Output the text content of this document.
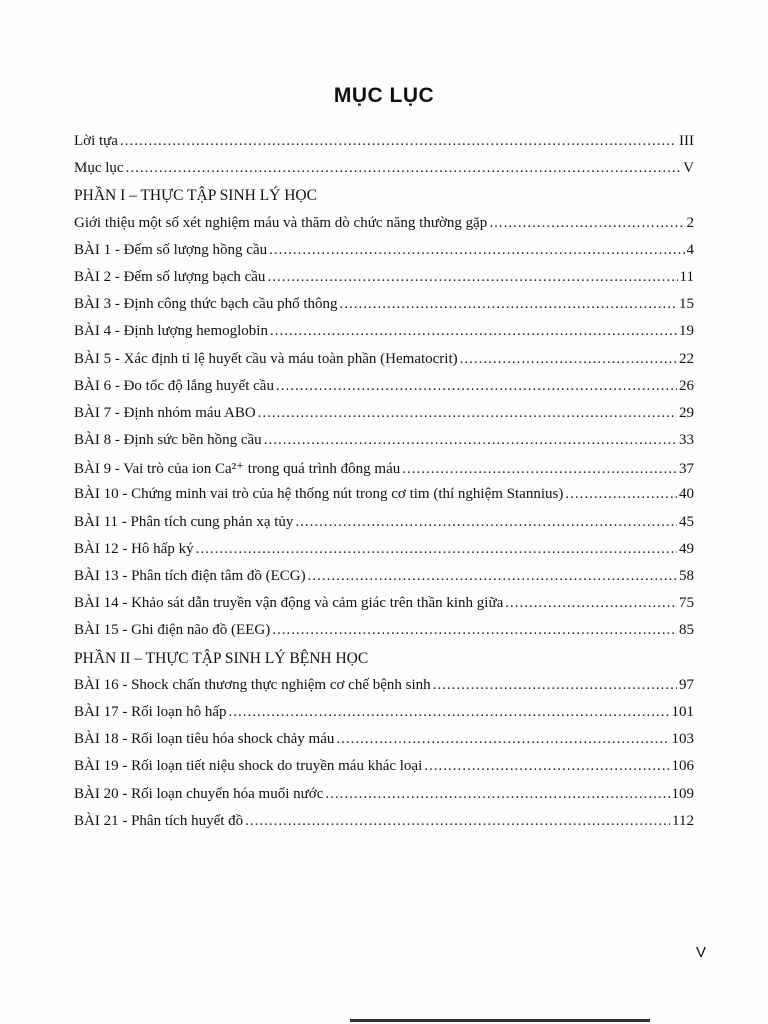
MỤC LỤC
Lời tựa .....	III
Mục lục .....	V
PHẦN I – THỰC TẬP SINH LÝ HỌC
Giới thiệu một số xét nghiệm máu và thăm dò chức năng thường gặp .....	2
BÀI 1 - Đếm số lượng hồng cầu .....	4
BÀI 2 - Đếm số lượng bạch cầu .....	11
BÀI 3 - Định công thức bạch cầu phổ thông .....	15
BÀI 4 - Định lượng hemoglobin .....	19
BÀI 5 - Xác định tỉ lệ huyết cầu và máu toàn phần (Hematocrit) .....	22
BÀI 6 - Đo tốc độ lắng huyết cầu .....	26
BÀI 7 - Định nhóm máu ABO .....	29
BÀI 8 - Định sức bền hồng cầu .....	33
BÀI 9 - Vai trò của ion Ca²⁺ trong quá trình đông máu .....	37
BÀI 10 - Chứng minh vai trò của hệ thống nút trong cơ tim (thí nghiệm Stannius) .....	40
BÀI 11 - Phân tích cung phản xạ tủy .....	45
BÀI 12 - Hô hấp ký .....	49
BÀI 13 - Phân tích điện tâm đồ (ECG) .....	58
BÀI 14 - Khảo sát dẫn truyền vận động và cảm giác trên thần kinh giữa .....	75
BÀI 15 - Ghi điện não đồ (EEG) .....	85
PHẦN II – THỰC TẬP SINH LÝ BỆNH HỌC
BÀI 16 - Shock chấn thương thực nghiệm cơ chế bệnh sinh .....	97
BÀI 17 - Rối loạn hô hấp .....	101
BÀI 18 - Rối loạn tiêu hóa shock chảy máu .....	103
BÀI 19 - Rối loạn tiết niệu shock do truyền máu khác loại .....	106
BÀI 20 - Rối loạn chuyển hóa muối nước .....	109
BÀI 21 - Phân tích huyết đồ .....	112
V
